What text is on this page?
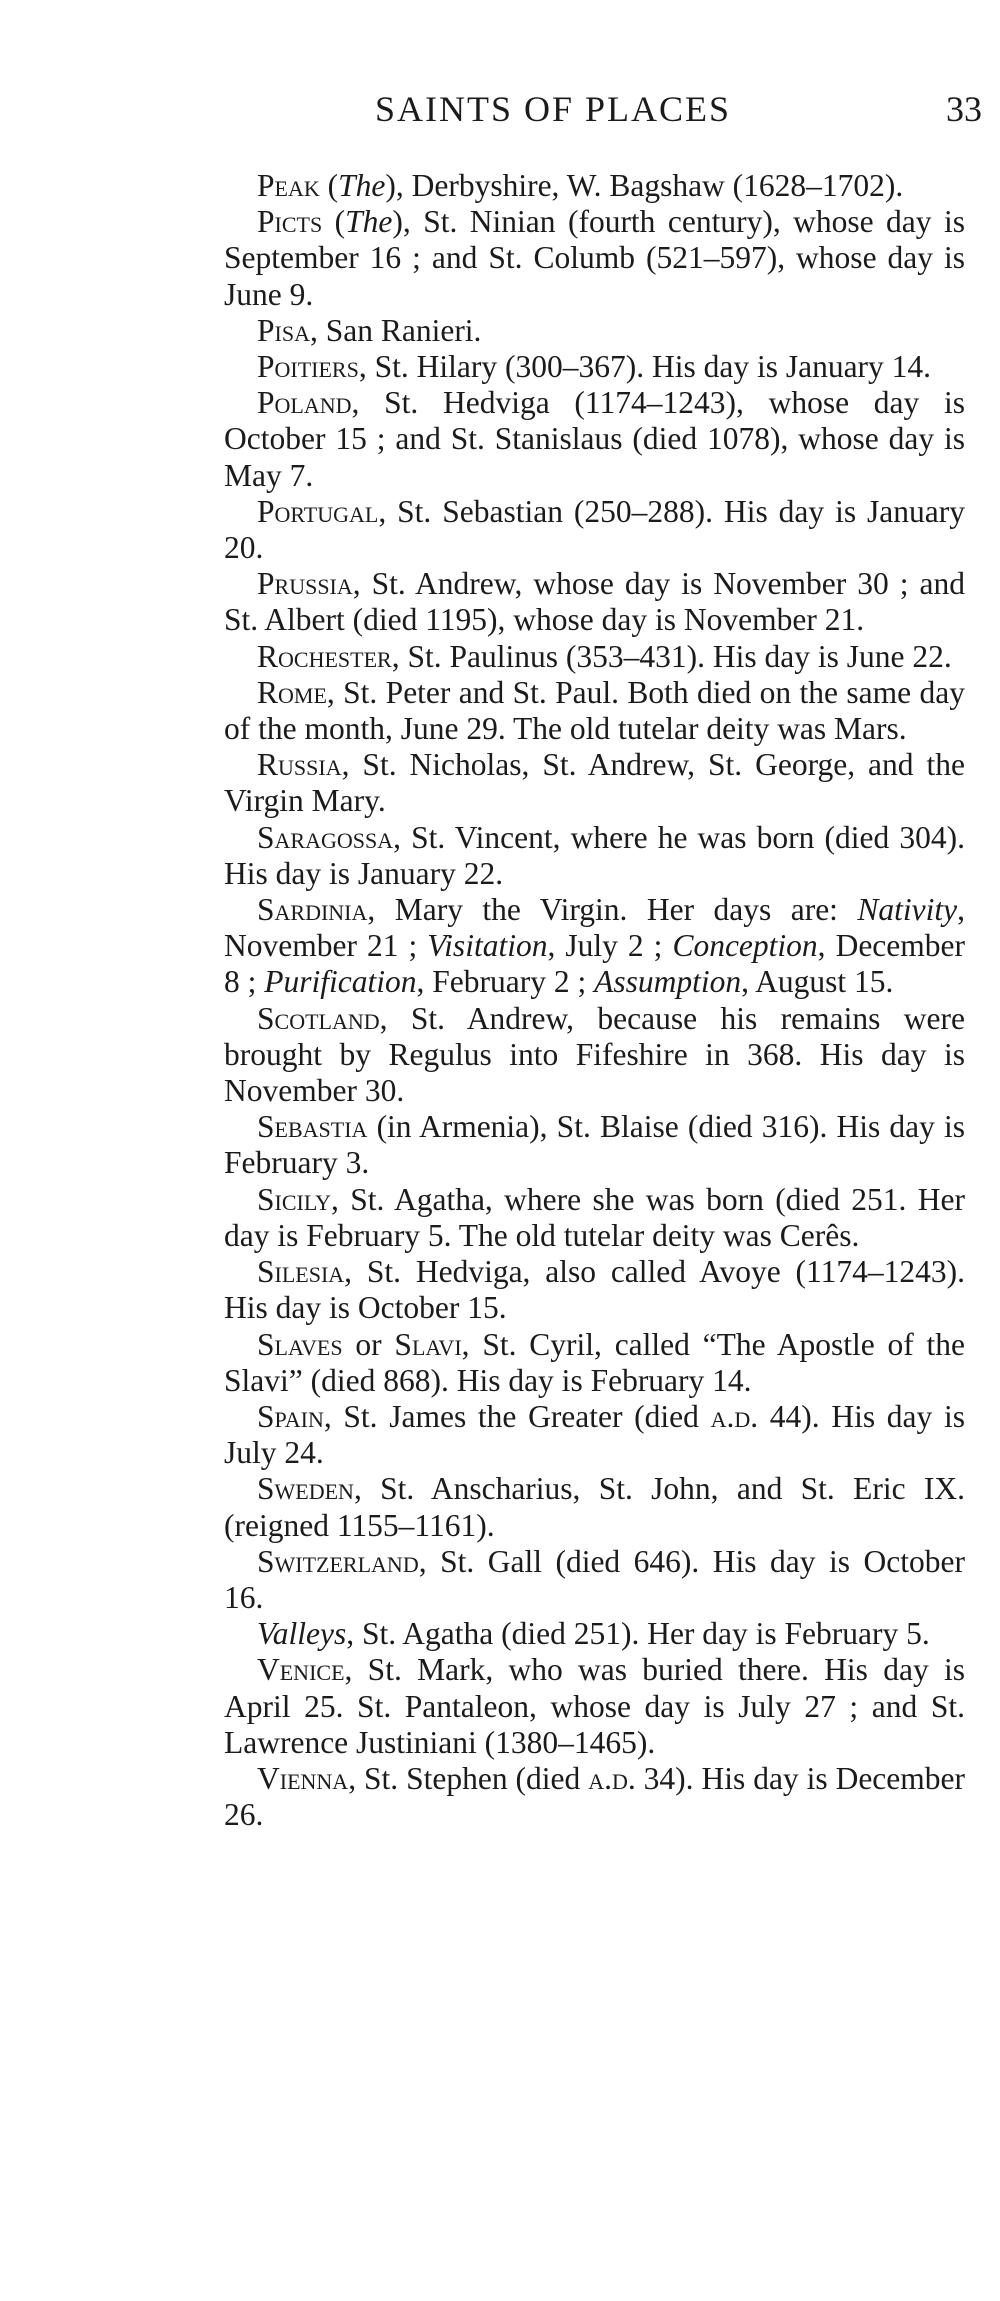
SAINTS OF PLACES	33

Peak (The), Derbyshire, W. Bagshaw (1628–1702).

Picts (The), St. Ninian (fourth century), whose day is September 16 ; and St. Columb (521–597), whose day is June 9.

Pisa, San Ranieri.

Poitiers, St. Hilary (300–367). His day is January 14.

Poland, St. Hedviga (1174–1243), whose day is October 15 ; and St. Stanislaus (died 1078), whose day is May 7.

Portugal, St. Sebastian (250–288). His day is January 20.

Prussia, St. Andrew, whose day is November 30 ; and St. Albert (died 1195), whose day is November 21.

Rochester, St. Paulinus (353–431). His day is June 22.

Rome, St. Peter and St. Paul. Both died on the same day of the month, June 29. The old tutelar deity was Mars.

Russia, St. Nicholas, St. Andrew, St. George, and the Virgin Mary.

Saragossa, St. Vincent, where he was born (died 304). His day is January 22.

Sardinia, Mary the Virgin. Her days are: Nativity, November 21 ; Visitation, July 2 ; Conception, December 8 ; Purification, February 2 ; Assumption, August 15.

Scotland, St. Andrew, because his remains were brought by Regulus into Fifeshire in 368. His day is November 30.

Sebastia (in Armenia), St. Blaise (died 316). His day is February 3.

Sicily, St. Agatha, where she was born (died 251. Her day is February 5. The old tutelar deity was Cerês.

Silesia, St. Hedviga, also called Avoye (1174–1243). His day is October 15.

Slaves or Slavi, St. Cyril, called “The Apostle of the Slavi” (died 868). His day is February 14.

Spain, St. James the Greater (died a.d. 44). His day is July 24.

Sweden, St. Anscharius, St. John, and St. Eric IX. (reigned 1155–1161).

Switzerland, St. Gall (died 646). His day is October 16.

Valleys, St. Agatha (died 251). Her day is February 5.

Venice, St. Mark, who was buried there. His day is April 25. St. Pantaleon, whose day is July 27 ; and St. Lawrence Justiniani (1380–1465).

Vienna, St. Stephen (died a.d. 34). His day is December 26.
